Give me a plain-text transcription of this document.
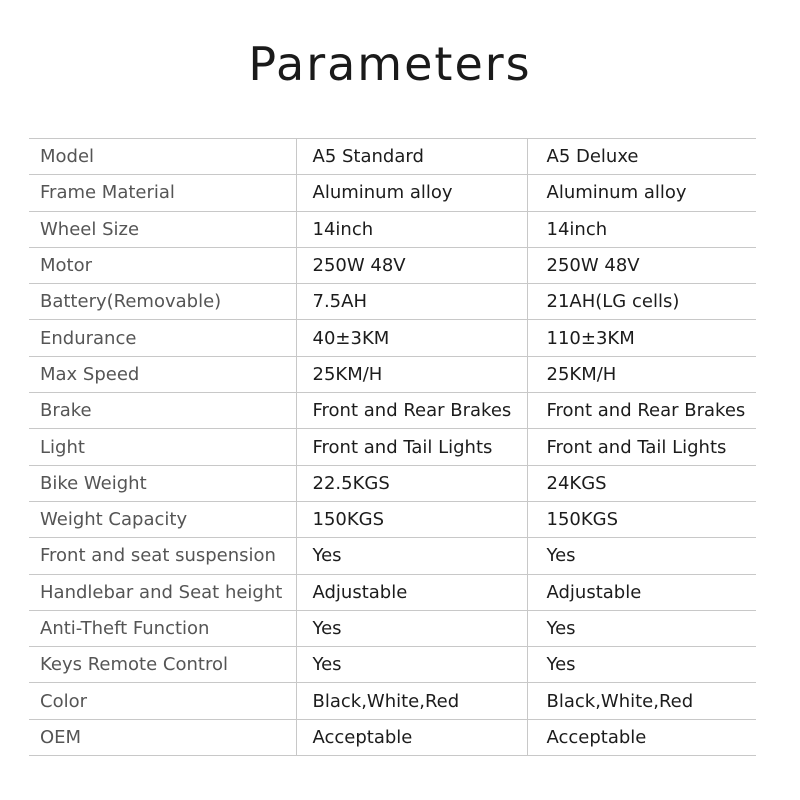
Parameters
Model	A5 Standard	A5 Deluxe
Frame Material	Aluminum alloy	Aluminum alloy
Wheel Size	14inch	14inch
Motor	250W 48V	250W 48V
Battery(Removable)	7.5AH	21AH(LG cells)
Endurance	40±3KM	110±3KM
Max Speed	25KM/H	25KM/H
Brake	Front and Rear Brakes	Front and Rear Brakes
Light	Front and Tail Lights	Front and Tail Lights
Bike Weight	22.5KGS	24KGS
Weight Capacity	150KGS	150KGS
Front and seat suspension	Yes	Yes
Handlebar and Seat height	Adjustable	Adjustable
Anti-Theft Function	Yes	Yes
Keys Remote Control	Yes	Yes
Color	Black,White,Red	Black,White,Red
OEM	Acceptable	Acceptable
